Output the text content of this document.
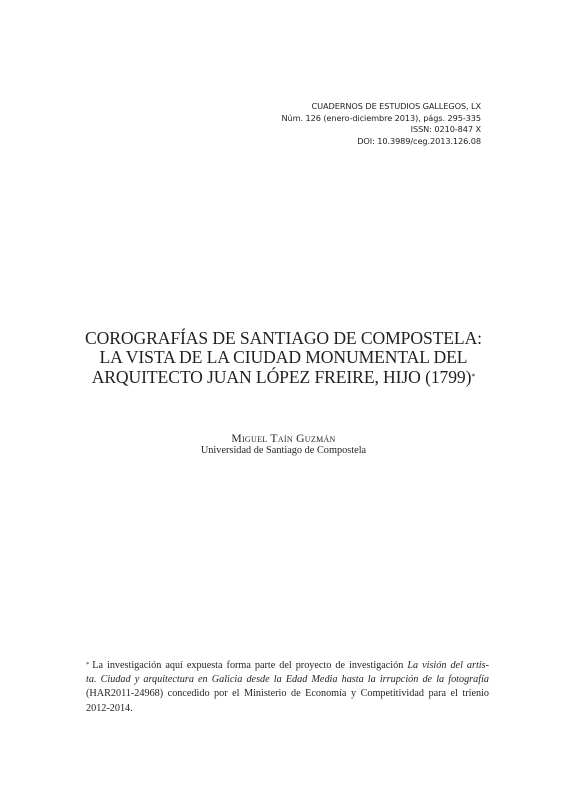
CUADERNOS DE ESTUDIOS GALLEGOS, LX
Núm. 126 (enero-diciembre 2013), págs. 295-335
ISSN: 0210-847 X
DOI: 10.3989/ceg.2013.126.08
COROGRAFÍAS DE SANTIAGO DE COMPOSTELA:
LA VISTA DE LA CIUDAD MONUMENTAL DEL
ARQUITECTO JUAN LÓPEZ FREIRE, HIJO (1799)*
Miguel Taín Guzmán
Universidad de Santiago de Compostela
* La investigación aquí expuesta forma parte del proyecto de investigación La visión del artis-
ta. Ciudad y arquitectura en Galicia desde la Edad Media hasta la irrupción de la fotografía
(HAR2011-24968) concedido por el Ministerio de Economía y Competitividad para el trienio
2012-2014.
